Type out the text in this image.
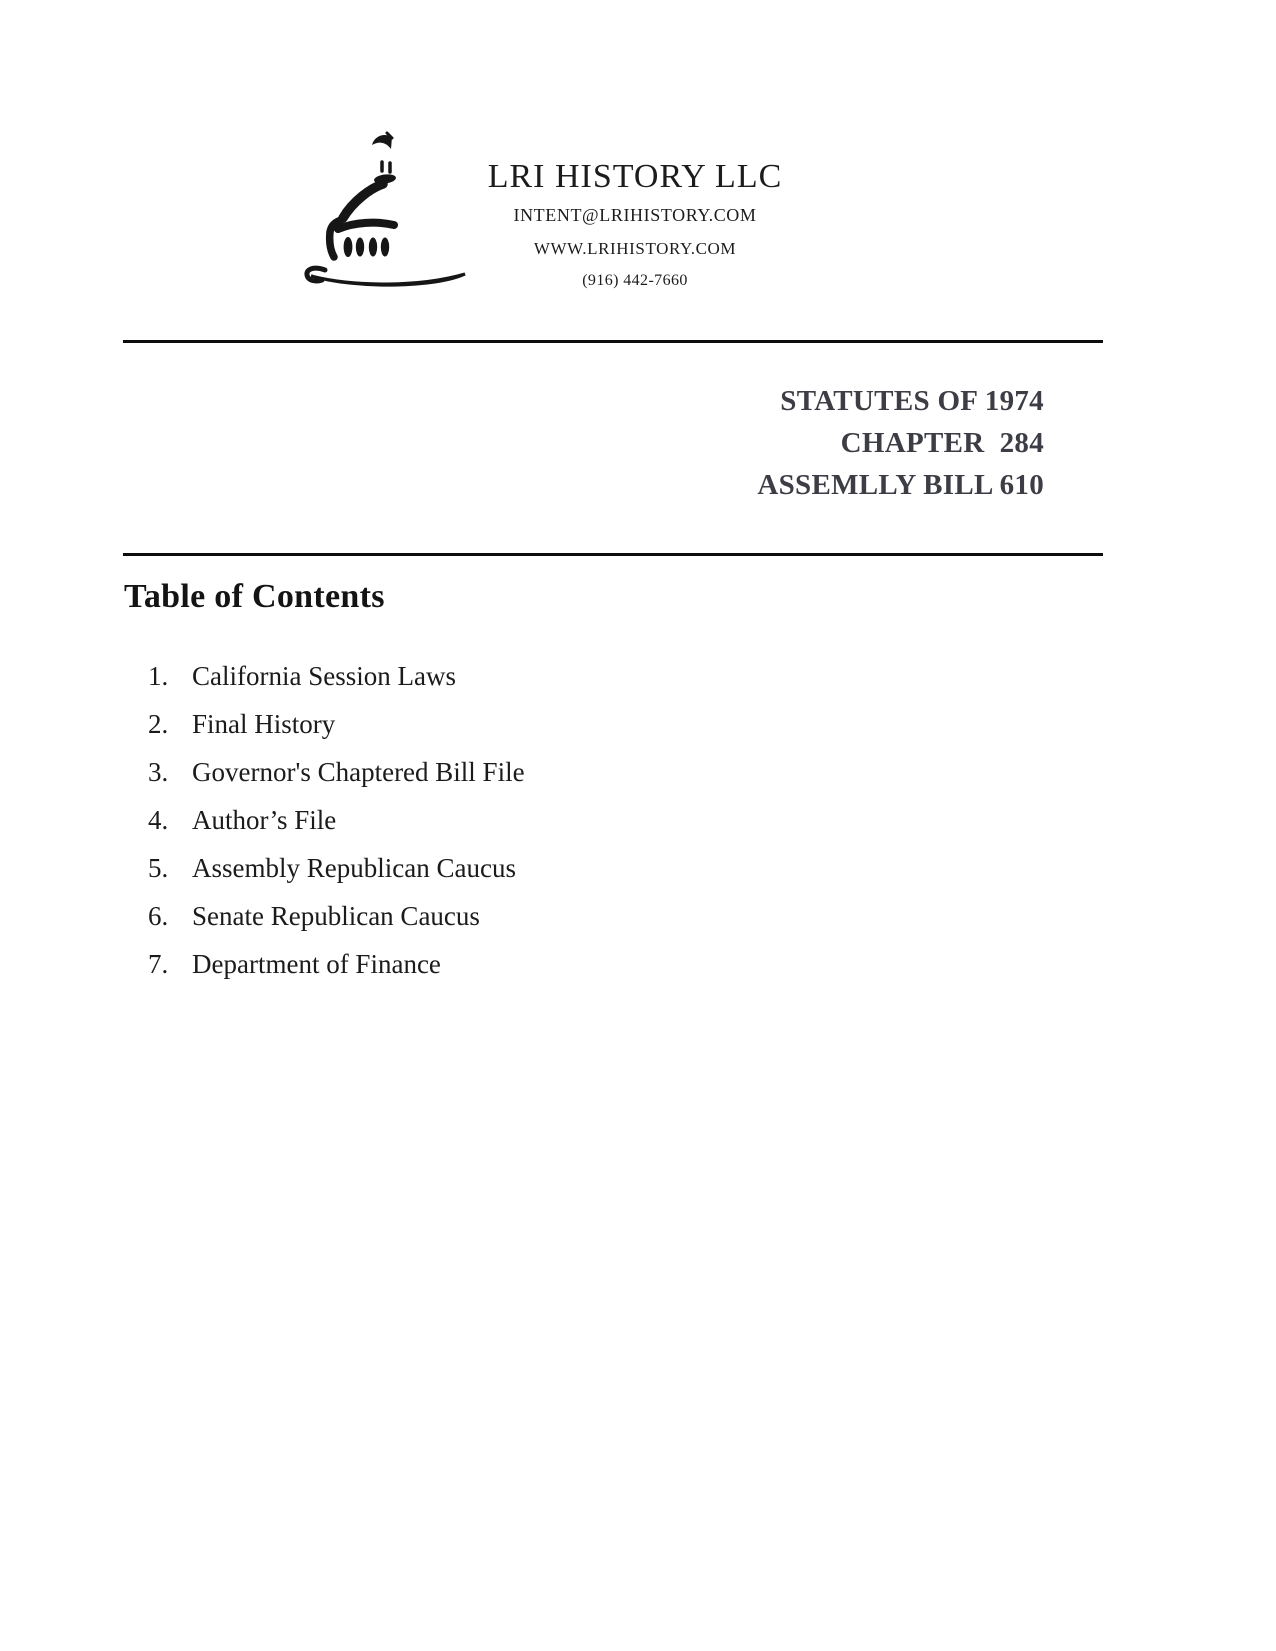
LRI HISTORY LLC
INTENT@LRIHISTORY.COM
WWW.LRIHISTORY.COM
(916) 442-7660
STATUTES OF 1974
CHAPTER  284
ASSEMLLY BILL 610
Table of Contents
1. California Session Laws
2. Final History
3. Governor's Chaptered Bill File
4. Author’s File
5. Assembly Republican Caucus
6. Senate Republican Caucus
7. Department of Finance
